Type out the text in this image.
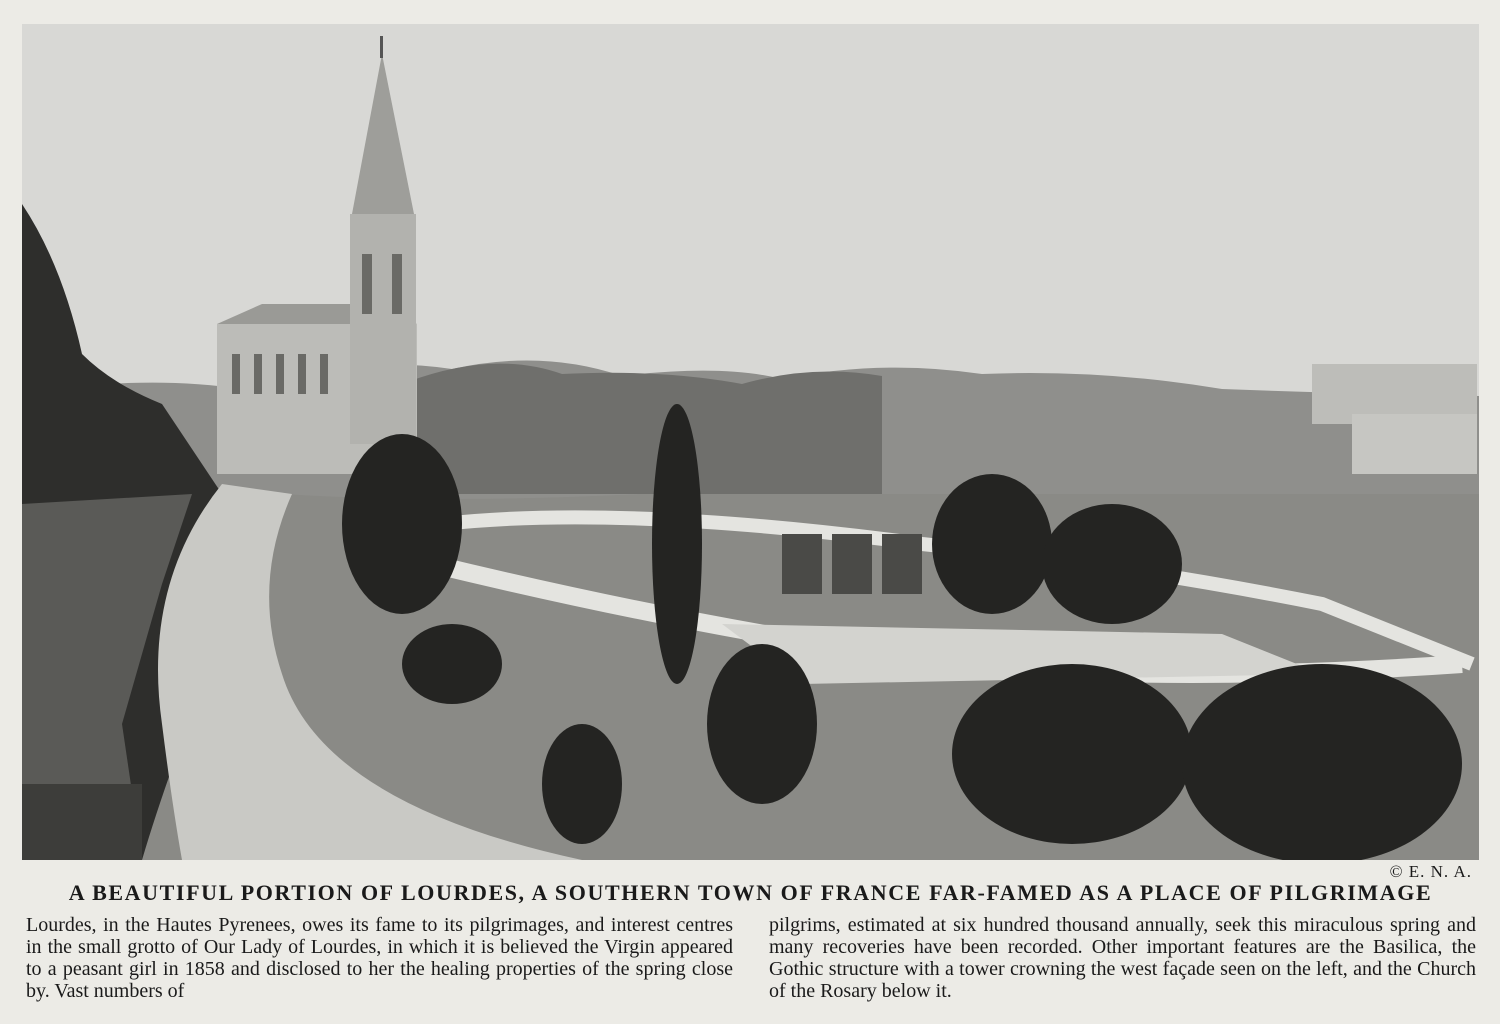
© E. N. A.
A BEAUTIFUL PORTION OF LOURDES, A SOUTHERN TOWN OF FRANCE FAR-FAMED AS A PLACE OF PILGRIMAGE
Lourdes, in the Hautes Pyrenees, owes its fame to its pilgrimages, and interest centres in the small grotto of Our Lady of Lourdes, in which it is believed the Virgin appeared to a peasant girl in 1858 and disclosed to her the healing properties of the spring close by. Vast numbers of
pilgrims, estimated at six hundred thousand annually, seek this miraculous spring and many recoveries have been recorded. Other important features are the Basilica, the Gothic structure with a tower crowning the west façade seen on the left, and the Church of the Rosary below it.
